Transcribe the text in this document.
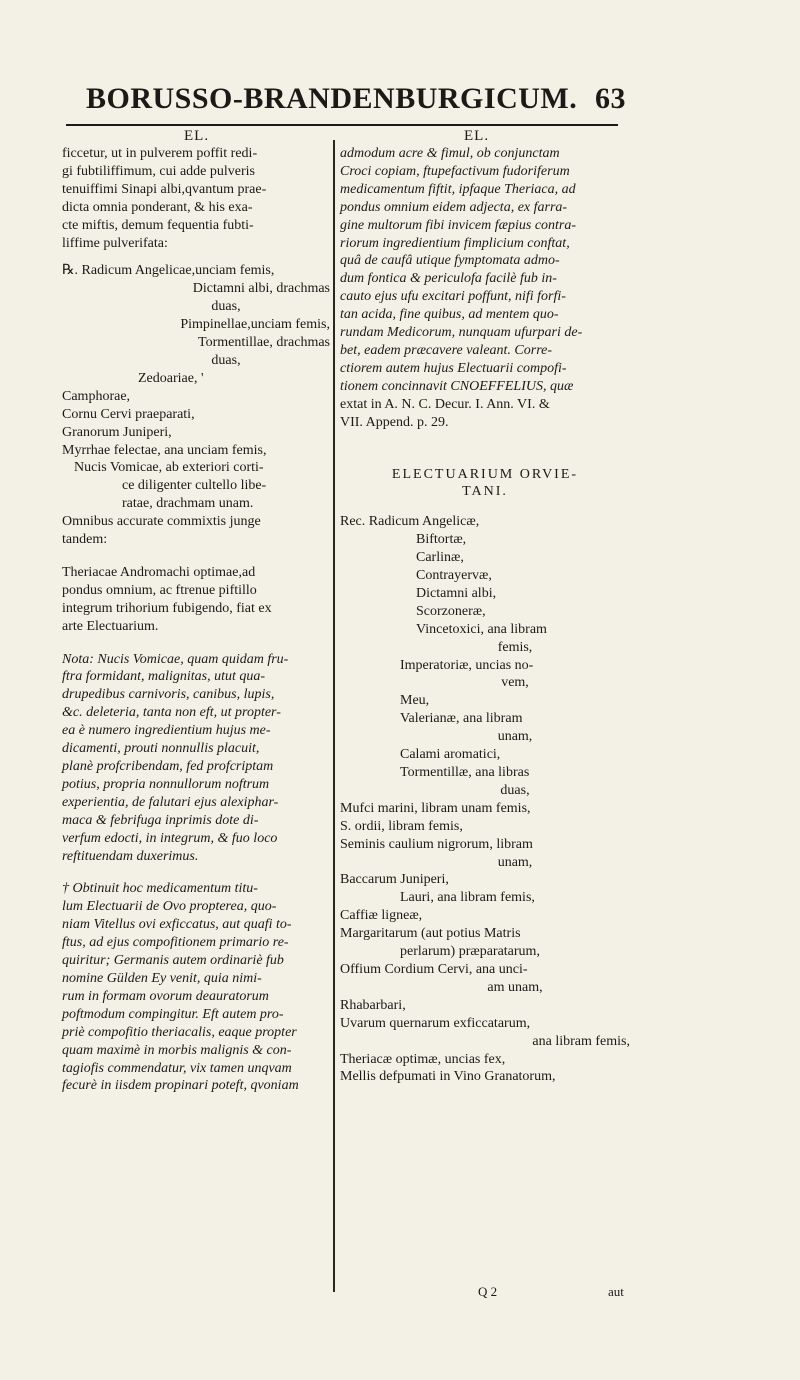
BORUSSO-BRANDENBURGICUM. 63
EL.	EL.

ficcetur, ut in pulverem poffit redi-

gi fubtiliffimum, cui adde pulveris

tenuiffimi Sinapi albi,qvantum prae-

dicta omnia ponderant, & his exa-

cte miftis, demum fequentia fubti-

liffime pulverifata:

℞. Radicum Angelicae,unciam femis,

Dictamni albi, drachmas

duas,

Pimpinellae,unciam femis,

Tormentillae, drachmas

duas,

Zedoariae, '

Camphorae,

Cornu Cervi praeparati,

Granorum Juniperi,

Myrrhae felectae, ana unciam femis,

Nucis Vomicae, ab exteriori corti-

ce diligenter cultello libe-

ratae, drachmam unam.

Omnibus accurate commixtis junge

tandem:

Theriacae Andromachi optimae,ad

pondus omnium, ac ftrenue piftillo

integrum trihorium fubigendo, fiat ex

arte Electuarium.

Nota: Nucis Vomicae, quam quidam fru-

ftra formidant, malignitas, utut qua-

drupedibus carnivoris, canibus, lupis,

&c. deleteria, tanta non eft, ut propter-

ea è numero ingredientium hujus me-

dicamenti, prouti nonnullis placuit,

planè profcribendam, fed profcriptam

potius, propria nonnullorum noftrum

experientia, de falutari ejus alexiphar-

maca & febrifuga inprimis dote di-

verfum edocti, in integrum, & fuo loco

reftituendam duxerimus.

† Obtinuit hoc medicamentum titu-

lum Electuarii de Ovo propterea, quo-

niam Vitellus ovi exficcatus, aut quafi to-

ftus, ad ejus compofitionem primario re-

quiritur; Germanis autem ordinariè fub

nomine Gülden Ey venit, quia nimi-

rum in formam ovorum deauratorum

poftmodum compingitur. Eft autem pro-

priè compofitio theriacalis, eaque propter

quam maximè in morbis malignis & con-

tagiofis commendatur, vix tamen unqvam

fecurè in iisdem propinari poteft, qvoniam

admodum acre & fimul, ob conjunctam

Croci copiam, ftupefactivum fudoriferum

medicamentum fiftit, ipfaque Theriaca, ad

pondus omnium eidem adjecta, ex farra-

gine multorum fibi invicem fæpius contra-

riorum ingredientium fimplicium conftat,

quâ de caufâ utique fymptomata admo-

dum fontica & periculofa facilè fub in-

cauto ejus ufu excitari poffunt, nifi forfi-

tan acida, fine quibus, ad mentem quo-

rundam Medicorum, nunquam ufurpari de-

bet, eadem præcavere valeant. Corre-

ctiorem autem hujus Electuarii compofi-

tionem concinnavit CNOEFFELIUS, quæ

extat in A. N. C. Decur. I. Ann. VI. &

VII. Append. p. 29.

ELECTUARIUM ORVIE-

TANI.

Rec. Radicum Angelicæ,

Biftortæ,

Carlinæ,

Contrayervæ,

Dictamni albi,

Scorzoneræ,

Vincetoxici, ana libram

femis,

Imperatoriæ, uncias no-

vem,

Meu,

Valerianæ, ana libram

unam,

Calami aromatici,

Tormentillæ, ana libras

duas,

Mufci marini, libram unam femis,

S. ordii, libram femis,

Seminis caulium nigrorum, libram

unam,

Baccarum Juniperi,

Lauri, ana libram femis,

Caffiæ ligneæ,

Margaritarum (aut potius Matris

perlarum) præparatarum,

Offium Cordium Cervi, ana unci-

am unam,

Rhabarbari,

Uvarum quernarum exficcatarum,

ana libram femis,

Theriacæ optimæ, uncias fex,

Mellis defpumati in Vino Granatorum,

Q 2	aut
